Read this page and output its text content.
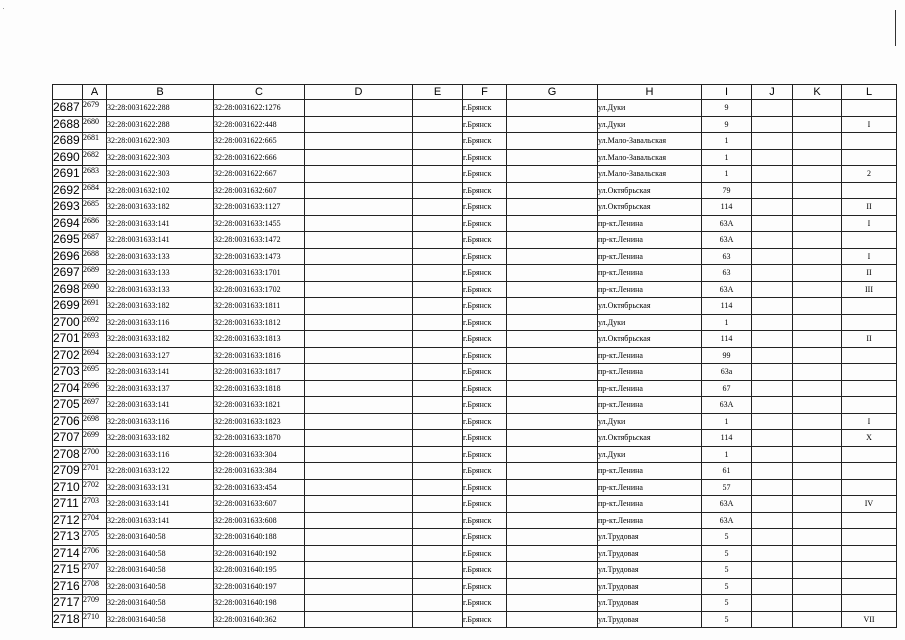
	A	B	C	D	E	F	G	H	I	J	K	L
2687	2679	32:28:0031622:288	32:28:0031622:1276			г.Брянск		ул.Дуки	9			
2688	2680	32:28:0031622:288	32:28:0031622:448			г.Брянск		ул.Дуки	9			I
2689	2681	32:28:0031622:303	32:28:0031622:665			г.Брянск		ул.Мало-Завальская	1			
2690	2682	32:28:0031622:303	32:28:0031622:666			г.Брянск		ул.Мало-Завальская	1			
2691	2683	32:28:0031622:303	32:28:0031622:667			г.Брянск		ул.Мало-Завальская	1			2
2692	2684	32:28:0031632:102	32:28:0031632:607			г.Брянск		ул.Октябрьская	79			
2693	2685	32:28:0031633:182	32:28:0031633:1127			г.Брянск		ул.Октябрьская	114			II
2694	2686	32:28:0031633:141	32:28:0031633:1455			г.Брянск		пр-кт.Ленина	63А			I
2695	2687	32:28:0031633:141	32:28:0031633:1472			г.Брянск		пр-кт.Ленина	63А			
2696	2688	32:28:0031633:133	32:28:0031633:1473			г.Брянск		пр-кт.Ленина	63			I
2697	2689	32:28:0031633:133	32:28:0031633:1701			г.Брянск		пр-кт.Ленина	63			II
2698	2690	32:28:0031633:133	32:28:0031633:1702			г.Брянск		пр-кт.Ленина	63А			III
2699	2691	32:28:0031633:182	32:28:0031633:1811			г.Брянск		ул.Октябрьская	114			
2700	2692	32:28:0031633:116	32:28:0031633:1812			г.Брянск		ул.Дуки	1			
2701	2693	32:28:0031633:182	32:28:0031633:1813			г.Брянск		ул.Октябрьская	114			II
2702	2694	32:28:0031633:127	32:28:0031633:1816			г.Брянск		пр-кт.Ленина	99			
2703	2695	32:28:0031633:141	32:28:0031633:1817			г.Брянск		пр-кт.Ленина	63а			
2704	2696	32:28:0031633:137	32:28:0031633:1818			г.Брянск		пр-кт.Ленина	67			
2705	2697	32:28:0031633:141	32:28:0031633:1821			г.Брянск		пр-кт.Ленина	63А			
2706	2698	32:28:0031633:116	32:28:0031633:1823			г.Брянск		ул.Дуки	1			I
2707	2699	32:28:0031633:182	32:28:0031633:1870			г.Брянск		ул.Октябрьская	114			X
2708	2700	32:28:0031633:116	32:28:0031633:304			г.Брянск		ул.Дуки	1			
2709	2701	32:28:0031633:122	32:28:0031633:384			г.Брянск		пр-кт.Ленина	61			
2710	2702	32:28:0031633:131	32:28:0031633:454			г.Брянск		пр-кт.Ленина	57			
2711	2703	32:28:0031633:141	32:28:0031633:607			г.Брянск		пр-кт.Ленина	63А			IV
2712	2704	32:28:0031633:141	32:28:0031633:608			г.Брянск		пр-кт.Ленина	63А			
2713	2705	32:28:0031640:58	32:28:0031640:188			г.Брянск		ул.Трудовая	5			
2714	2706	32:28:0031640:58	32:28:0031640:192			г.Брянск		ул.Трудовая	5			
2715	2707	32:28:0031640:58	32:28:0031640:195			г.Брянск		ул.Трудовая	5			
2716	2708	32:28:0031640:58	32:28:0031640:197			г.Брянск		ул.Трудовая	5			
2717	2709	32:28:0031640:58	32:28:0031640:198			г.Брянск		ул.Трудовая	5			
2718	2710	32:28:0031640:58	32:28:0031640:362			г.Брянск		ул.Трудовая	5			VII
